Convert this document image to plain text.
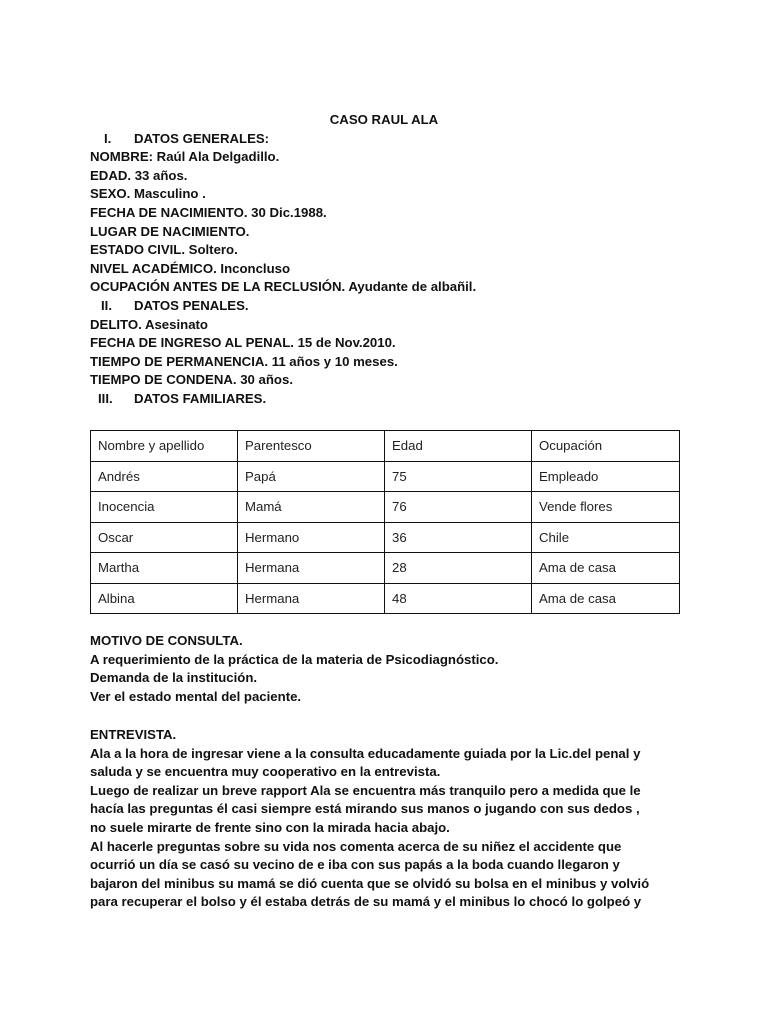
CASO RAUL ALA
I. DATOS GENERALES:
NOMBRE: Raúl Ala Delgadillo.
EDAD. 33 años.
SEXO. Masculino .
FECHA DE NACIMIENTO. 30 Dic.1988.
LUGAR DE NACIMIENTO.
ESTADO CIVIL. Soltero.
NIVEL ACADÉMICO. Inconcluso
OCUPACIÓN ANTES DE LA RECLUSIÓN. Ayudante de albañil.
II. DATOS PENALES.
DELITO. Asesinato
FECHA DE INGRESO AL PENAL. 15 de Nov.2010.
TIEMPO DE PERMANENCIA. 11 años y 10 meses.
TIEMPO DE CONDENA. 30 años.
III. DATOS FAMILIARES.
Nombre y apellido	Parentesco	Edad	Ocupación
Andrés	Papá	75	Empleado
Inocencia	Mamá	76	Vende flores
Oscar	Hermano	36	Chile
Martha	Hermana	28	Ama de casa
Albina	Hermana	48	Ama de casa
MOTIVO DE CONSULTA.
A requerimiento de la práctica de la materia de Psicodiagnóstico.
Demanda de la institución.
Ver el estado mental del paciente.
ENTREVISTA.
Ala a la hora de ingresar viene a la consulta educadamente guiada por la Lic.del penal y
saluda y se encuentra muy cooperativo en la entrevista.
Luego de realizar un breve rapport Ala se encuentra más tranquilo pero a medida que le
hacía las preguntas él casi siempre está mirando sus manos o jugando con sus dedos ,
no suele mirarte de frente sino con la mirada hacia abajo.
Al hacerle preguntas sobre su vida nos comenta acerca de su niñez el accidente que
ocurrió un día se casó su vecino de e iba con sus papás a la boda cuando llegaron y
bajaron del minibus su mamá se dió cuenta que se olvidó su bolsa en el minibus y volvió
para recuperar el bolso y él estaba detrás de su mamá y el minibus lo chocó lo golpeó y
